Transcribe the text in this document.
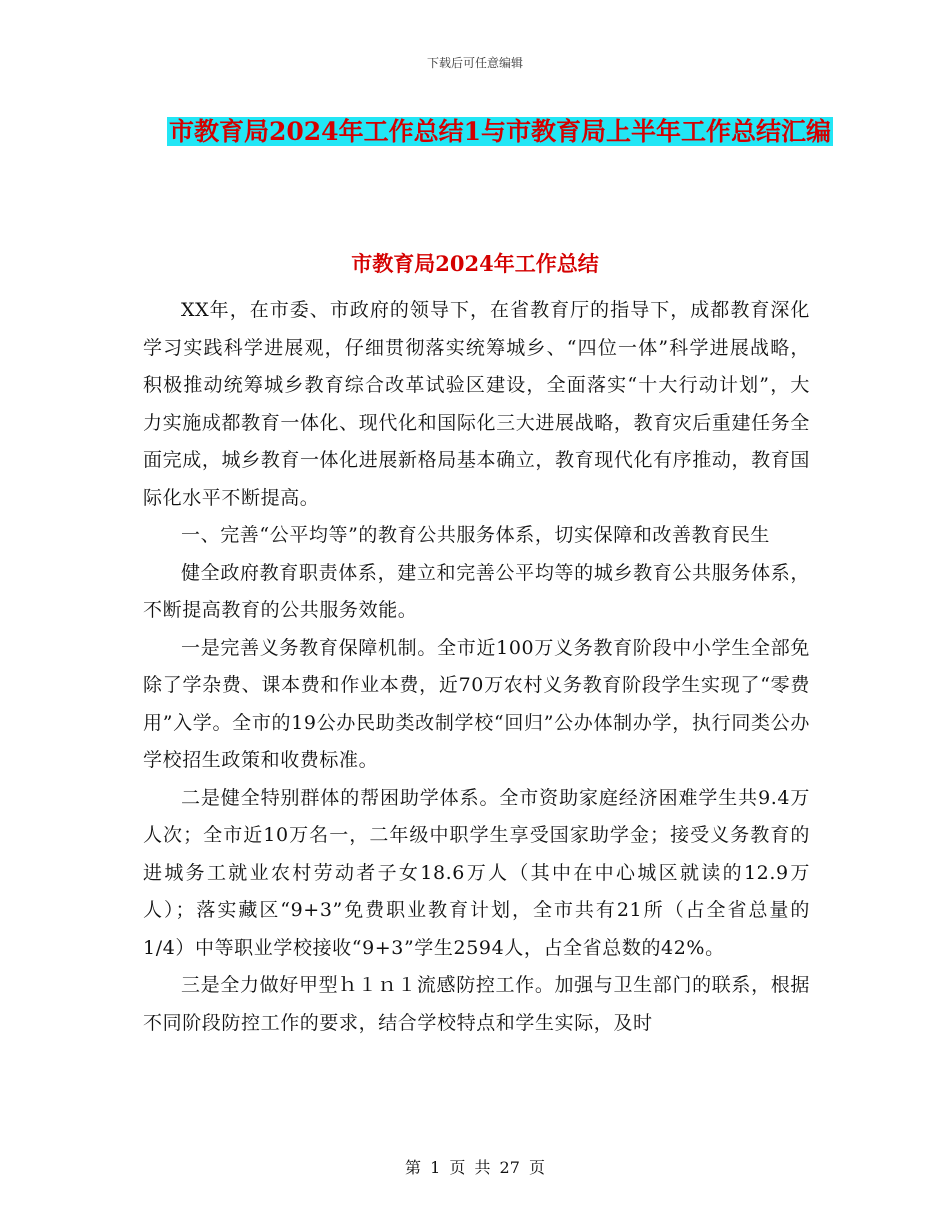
下载后可任意编辑
市教育局2024年工作总结1与市教育局上半年工作总结汇编
市教育局2024年工作总结

XX年，在市委、市政府的领导下，在省教育厅的指导下，成都教育深化学习实践科学进展观，仔细贯彻落实统筹城乡、“四位一体”科学进展战略，积极推动统筹城乡教育综合改革试验区建设，全面落实“十大行动计划”，大力实施成都教育一体化、现代化和国际化三大进展战略，教育灾后重建任务全面完成，城乡教育一体化进展新格局基本确立，教育现代化有序推动，教育国际化水平不断提高。

一、完善“公平均等”的教育公共服务体系，切实保障和改善教育民生

健全政府教育职责体系，建立和完善公平均等的城乡教育公共服务体系，不断提高教育的公共服务效能。

一是完善义务教育保障机制。全市近100万义务教育阶段中小学生全部免除了学杂费、课本费和作业本费，近70万农村义务教育阶段学生实现了“零费用”入学。全市的19公办民助类改制学校“回归”公办体制办学，执行同类公办学校招生政策和收费标准。

二是健全特别群体的帮困助学体系。全市资助家庭经济困难学生共9.4万人次；全市近10万名一，二年级中职学生享受国家助学金；接受义务教育的进城务工就业农村劳动者子女18.6万人（其中在中心城区就读的12.9万人）；落实藏区“9+3”免费职业教育计划，全市共有21所（占全省总量的1/4）中等职业学校接收“9+3”学生2594人，占全省总数的42%。

三是全力做好甲型ｈ１ｎ１流感防控工作。加强与卫生部门的联系，根据不同阶段防控工作的要求，结合学校特点和学生实际，及时

第 1 页 共 27 页
